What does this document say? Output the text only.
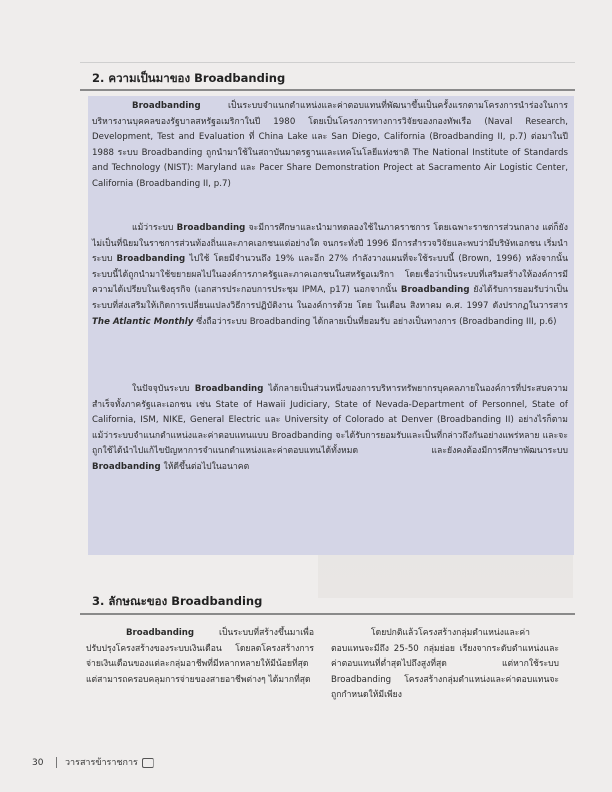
2. ความเป็นมาของ Broadbanding
Broadbanding เป็นระบบจำแนกตำแหน่งและค่าตอบแทนที่พัฒนาขึ้นเป็นครั้งแรกตามโครงการนำร่องในการบริหารงานบุคคลของรัฐบาลสหรัฐอเมริกาในปี 1980 โดยเป็นโครงการทางการวิจัยของกองทัพเรือ (Naval Research, Development, Test and Evaluation ที่ China Lake และ San Diego, California (Broadbanding II, p.7) ต่อมาในปี 1988 ระบบ Broadbanding ถูกนำมาใช้ในสถาบันมาตรฐานและเทคโนโลยีแห่งชาติ The National Institute of Standards and Technology (NIST): Maryland และ Pacer Share Demonstration Project at Sacramento Air Logistic Center, California (Broadbanding II, p.7)
แม้ว่าระบบ Broadbanding จะมีการศึกษาและนำมาทดลองใช้ในภาคราชการ โดยเฉพาะราชการส่วนกลาง แต่ก็ยังไม่เป็นที่นิยมในราชการส่วนท้องถิ่นและภาคเอกชนแต่อย่างใด จนกระทั่งปี 1996 มีการสำรวจวิจัยและพบว่ามีบริษัทเอกชน เริ่มนำระบบ Broadbanding ไปใช้ โดยมีจำนวนถึง 19% และอีก 27% กำลังวางแผนที่จะใช้ระบบนี้ (Brown, 1996) หลังจากนั้นระบบนี้ได้ถูกนำมาใช้ขยายผลไปในองค์การภาครัฐและภาคเอกชนในสหรัฐอเมริกา โดยเชื่อว่าเป็นระบบที่เสริมสร้างให้องค์การมีความได้เปรียบในเชิงธุรกิจ (เอกสารประกอบการประชุม IPMA, p17) นอกจากนั้น Broadbanding ยังได้รับการยอมรับว่าเป็นระบบที่ส่งเสริมให้เกิดการเปลี่ยนแปลงวิธีการปฏิบัติงาน ในองค์การด้วย โดย ในเดือน สิงหาคม ค.ศ. 1997 ดังปรากฏในวารสาร The Atlantic Monthly ซึ่งถือว่าระบบ Broadbanding ได้กลายเป็นที่ยอมรับ อย่างเป็นทางการ (Broadbanding III, p.6)
ในปัจจุบันระบบ Broadbanding ได้กลายเป็นส่วนหนึ่งของการบริหารทรัพยากรบุคคลภายในองค์การที่ประสบความสำเร็จทั้งภาครัฐและเอกชน เช่น State of Hawaii Judiciary, State of Nevada-Department of Personnel, State of California, ISM, NIKE, General Electric และ University of Colorado at Denver (Broadbanding II) อย่างไรก็ตาม แม้ว่าระบบจำแนกตำแหน่งและค่าตอบแทนแบบ Broadbanding จะได้รับการยอมรับและเป็นที่กล่าวถึงกันอย่างแพร่หลาย และจะถูกใช้ได้นำไปแก้ไขปัญหาการจำแนกตำแหน่งและค่าตอบแทนได้ทั้งหมด และยังคงต้องมีการศึกษาพัฒนาระบบ Broadbanding ให้ดีขึ้นต่อไปในอนาคต
3. ลักษณะของ Broadbanding
Broadbanding เป็นระบบที่สร้างขึ้นมาเพื่อปรับปรุงโครงสร้างของระบบเงินเดือน โดยลดโครงสร้างการจ่ายเงินเดือนของแต่ละกลุ่มอาชีพที่มีหลากหลายให้มีน้อยที่สุด แต่สามารถครอบคลุมการจ่ายของสายอาชีพต่างๆ ได้มากที่สุด
โดยปกติแล้วโครงสร้างกลุ่มตำแหน่งและค่าตอบแทนจะมีถึง 25-50 กลุ่มย่อย เรียงจากระดับตำแหน่งและค่าตอบแทนที่ต่ำสุดไปถึงสูงที่สุด แต่หากใช้ระบบ Broadbanding โครงสร้างกลุ่มตำแหน่งและค่าตอบแทนจะถูกกำหนดให้มีเพียง
30 วารสารข้าราชการ
